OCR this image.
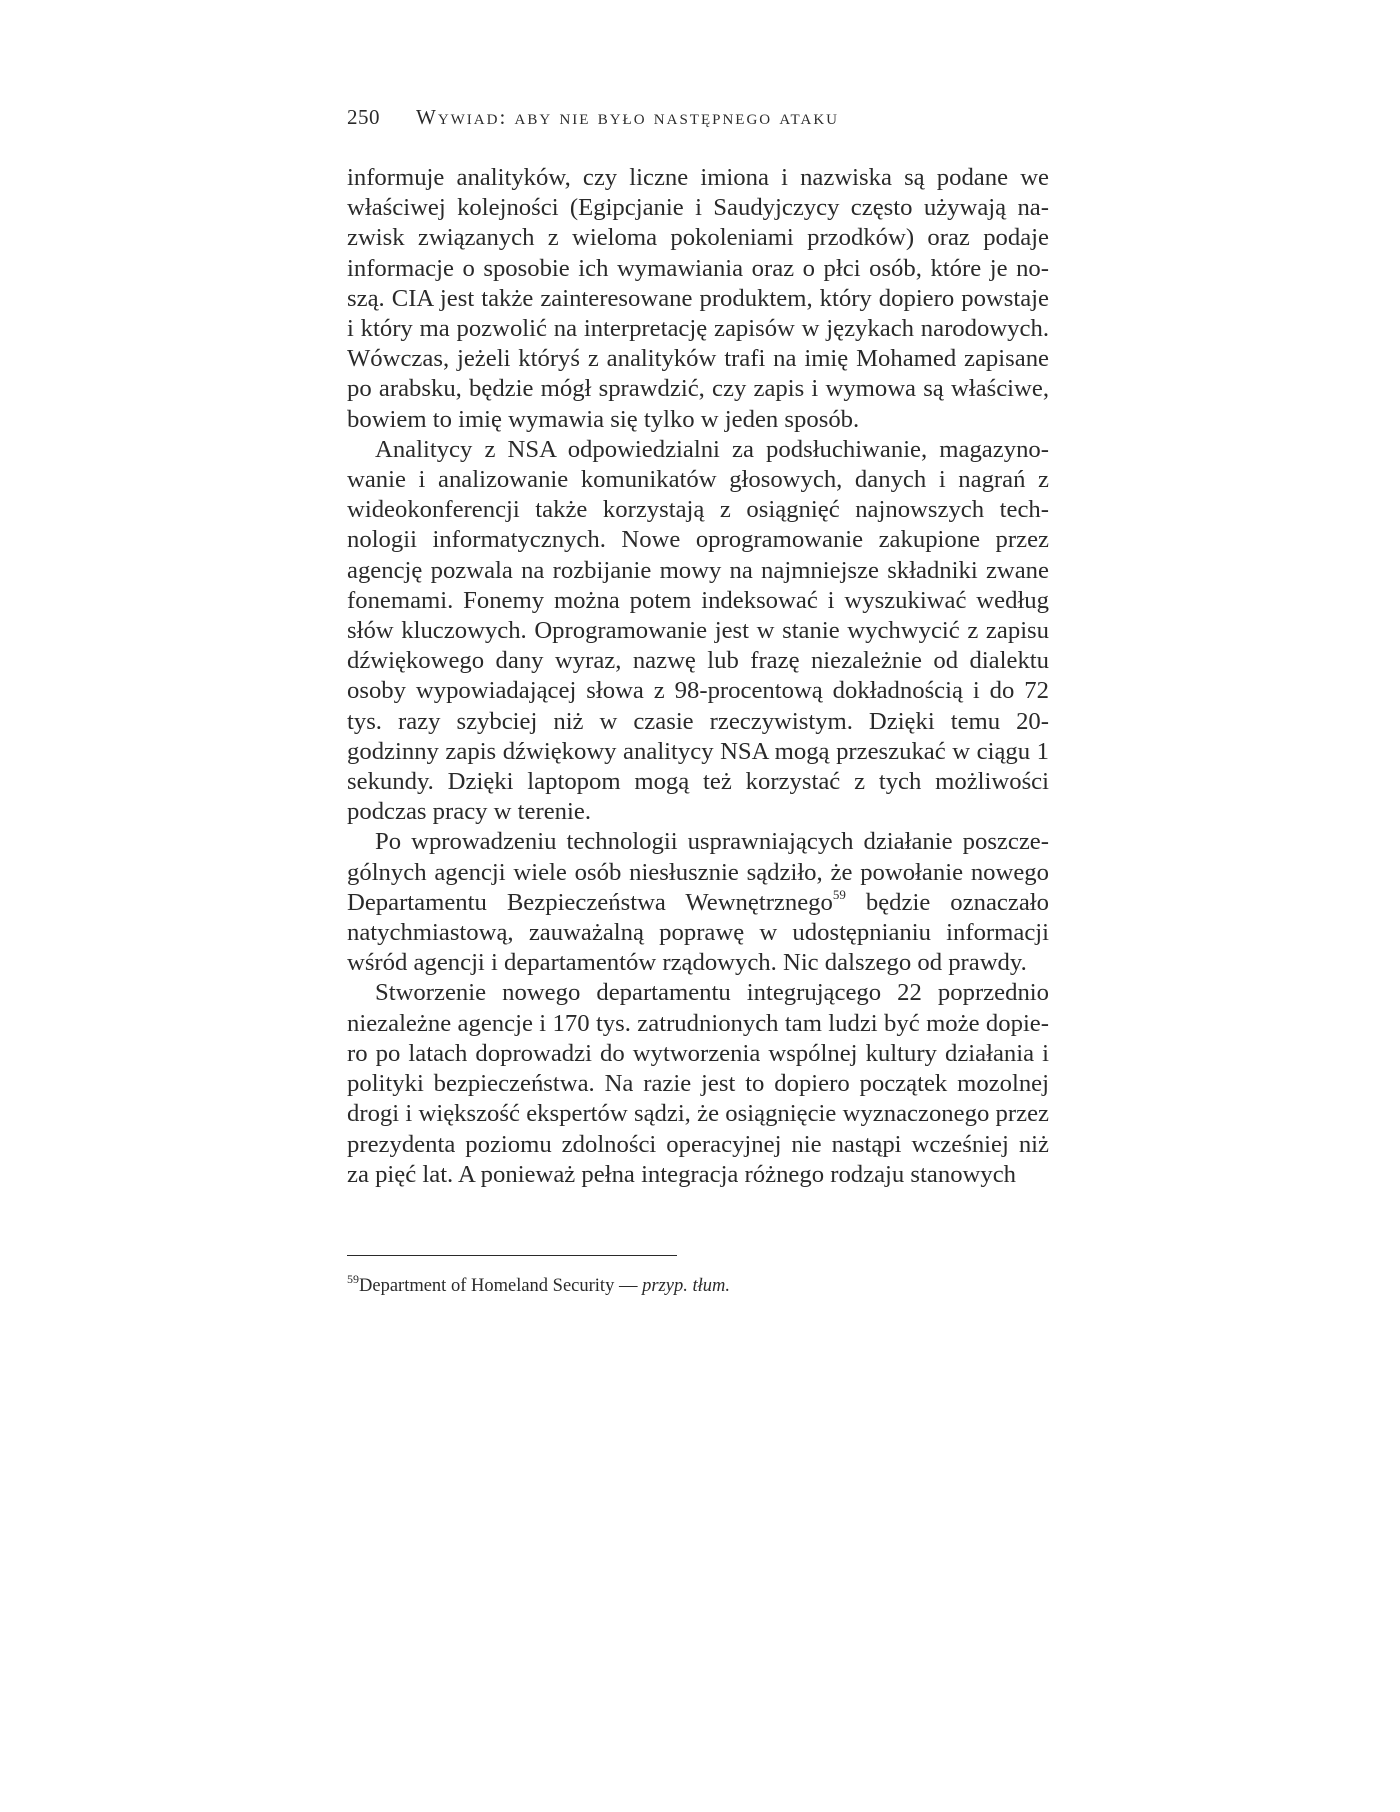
250 Wywiad: aby nie było następnego ataku

informuje analityków, czy liczne imiona i nazwiska są podane we właściwej kolejności (Egipcjanie i Saudyjczycy często używają nazwisk związanych z wieloma pokoleniami przodków) oraz podaje informacje o sposobie ich wymawiania oraz o płci osób, które je noszą. CIA jest także zainteresowane produktem, który dopiero powstaje i który ma pozwolić na interpretację zapisów w językach narodowych. Wówczas, jeżeli któryś z analityków trafi na imię Mohamed zapisane po arabsku, będzie mógł sprawdzić, czy zapis i wymowa są właściwe, bowiem to imię wymawia się tylko w jeden sposób.

Analitycy z NSA odpowiedzialni za podsłuchiwanie, magazynowanie i analizowanie komunikatów głosowych, danych i nagrań z wideokonferencji także korzystają z osiągnięć najnowszych technologii informatycznych. Nowe oprogramowanie zakupione przez agencję pozwala na rozbijanie mowy na najmniejsze składniki zwane fonemami. Fonemy można potem indeksować i wyszukiwać według słów kluczowych. Oprogramowanie jest w stanie wychwycić z zapisu dźwiękowego dany wyraz, nazwę lub frazę niezależnie od dialektu osoby wypowiadającej słowa z 98-procentową dokładnością i do 72 tys. razy szybciej niż w czasie rzeczywistym. Dzięki temu 20-godzinny zapis dźwiękowy analitycy NSA mogą przeszukać w ciągu 1 sekundy. Dzięki laptopom mogą też korzystać z tych możliwości podczas pracy w terenie.

Po wprowadzeniu technologii usprawniających działanie poszczególnych agencji wiele osób niesłusznie sądziło, że powołanie nowego Departamentu Bezpieczeństwa Wewnętrznego$^{59}$ będzie oznaczało natychmiastową, zauważalną poprawę w udostępnianiu informacji wśród agencji i departamentów rządowych. Nic dalszego od prawdy.

Stworzenie nowego departamentu integrującego 22 poprzednio niezależne agencje i 170 tys. zatrudnionych tam ludzi być może dopiero po latach doprowadzi do wytworzenia wspólnej kultury działania i polityki bezpieczeństwa. Na razie jest to dopiero początek mozolnej drogi i większość ekspertów sądzi, że osiągnięcie wyznaczonego przez prezydenta poziomu zdolności operacyjnej nie nastąpi wcześniej niż za pięć lat. A ponieważ pełna integracja różnego rodzaju stanowych

$^{59}$Department of Homeland Security — przyp. tłum.
